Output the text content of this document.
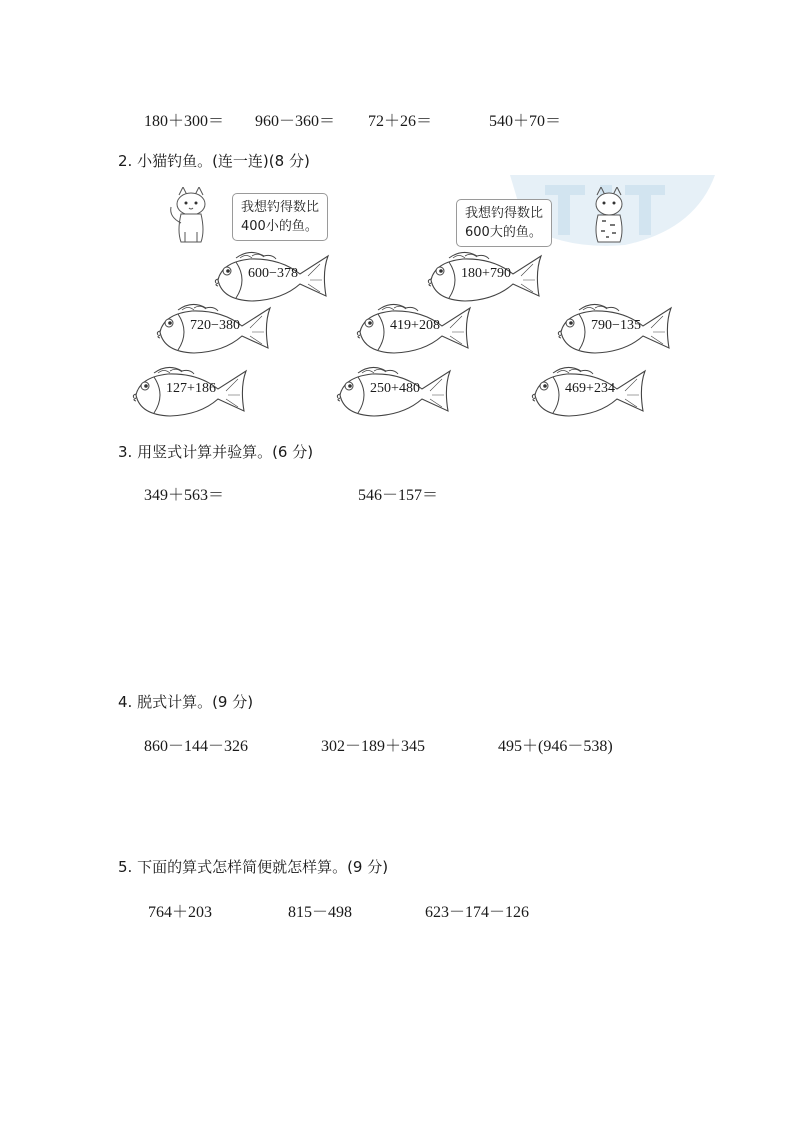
180＋300＝ 960－360＝ 72＋26＝	540＋70＝
2. 小猫钓鱼。(连一连)(8 分)
我想钓得数比
400小的鱼。
我想钓得数比
600大的鱼。
600−378	180+790
720−380	419+208	790−135
127+186	250+480	469+234
3. 用竖式计算并验算。(6 分)
349＋563＝	546－157＝
4. 脱式计算。(9 分)
860－144－326	302－189＋345	495＋(946－538)
5. 下面的算式怎样简便就怎样算。(9 分)
764＋203	815－498	623－174－126
